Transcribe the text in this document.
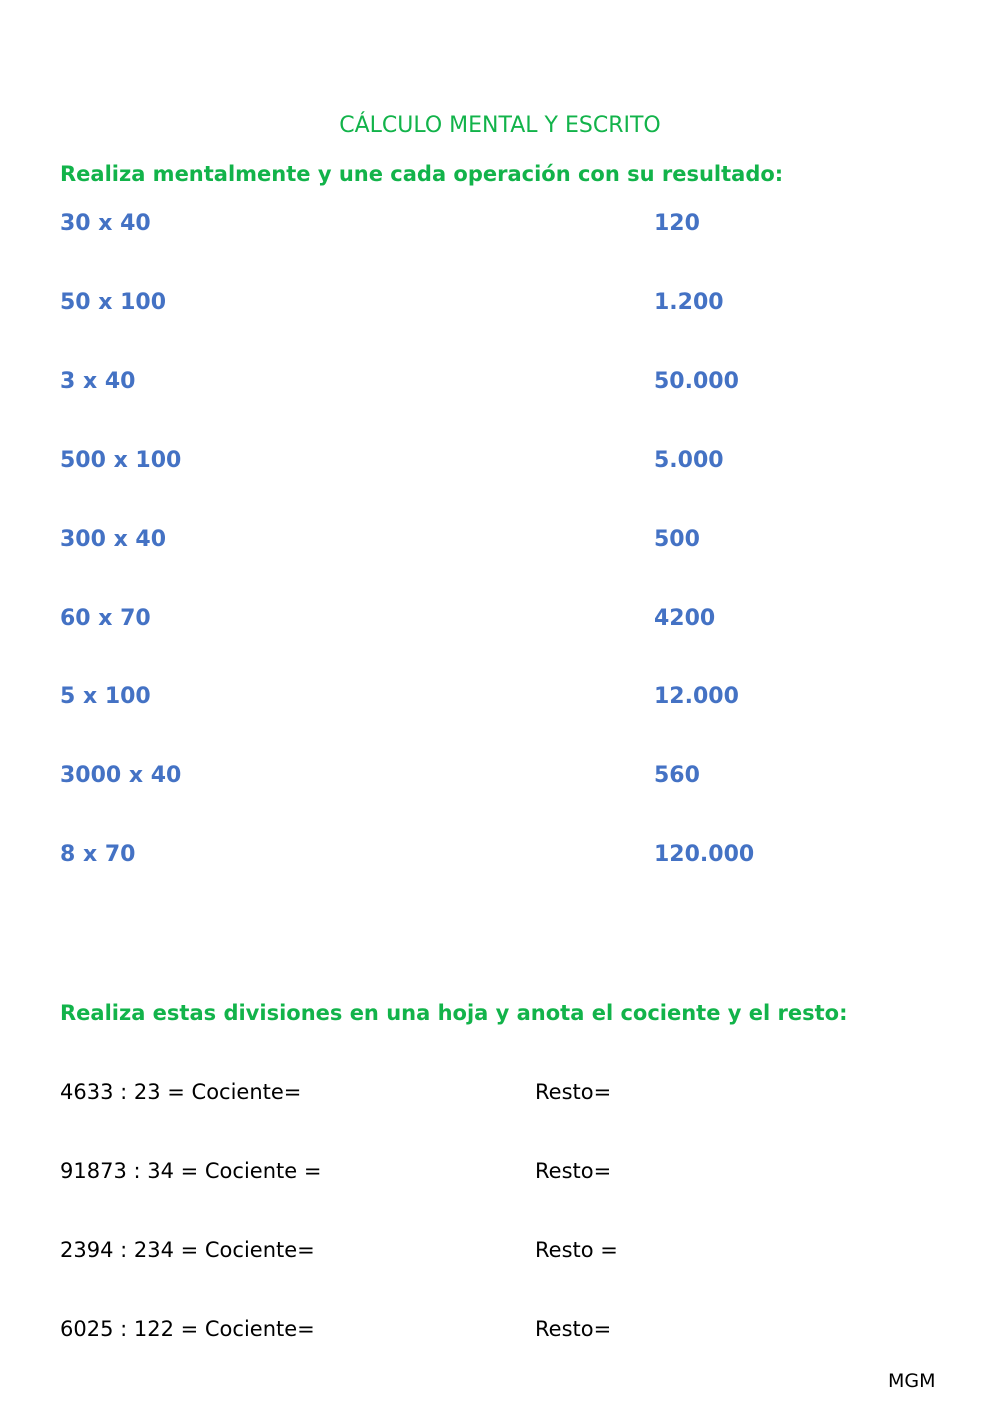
CÁLCULO MENTAL Y ESCRITO
Realiza mentalmente y une cada operación con su resultado:
30 x 40	120
50 x 100	1.200
3 x 40	50.000
500 x 100	5.000
300 x 40	500
60 x 70	4200
5 x 100	12.000
3000 x 40	560
8 x 70	120.000
Realiza estas divisiones en una hoja y anota el cociente y el resto:
4633 : 23 = Cociente=	Resto=
91873 : 34 = Cociente =	Resto=
2394 : 234 = Cociente=	Resto =
6025 : 122 = Cociente=	Resto=
MGM
